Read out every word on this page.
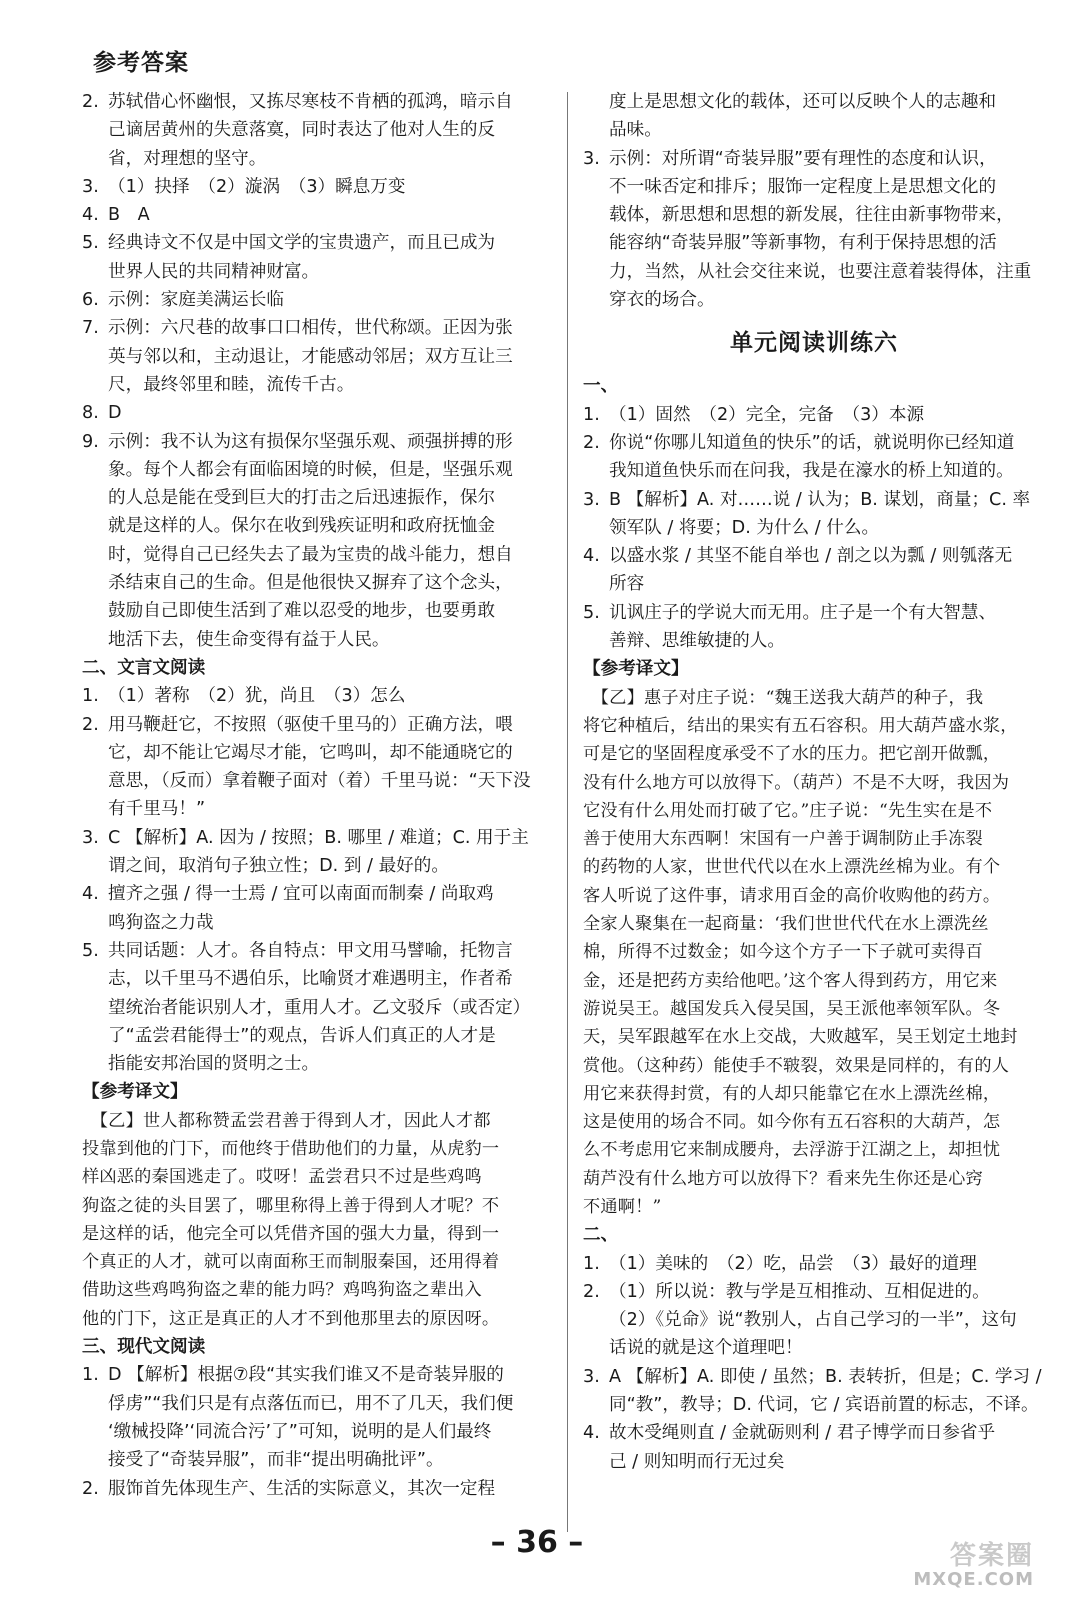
参考答案
2. 苏轼借心怀幽恨，又拣尽寒枝不肯栖的孤鸿，暗示自
己谪居黄州的失意落寞，同时表达了他对人生的反
省，对理想的坚守。
3. （1）抉择　（2）漩涡　（3）瞬息万变
4. B　A
5. 经典诗文不仅是中国文学的宝贵遗产，而且已成为
世界人民的共同精神财富。
6. 示例：家庭美满运长临
7. 示例：六尺巷的故事口口相传，世代称颂。正因为张
英与邻以和，主动退让，才能感动邻居；双方互让三
尺，最终邻里和睦，流传千古。
8. D
9. 示例：我不认为这有损保尔坚强乐观、顽强拼搏的形
象。每个人都会有面临困境的时候，但是，坚强乐观
的人总是能在受到巨大的打击之后迅速振作，保尔
就是这样的人。保尔在收到残疾证明和政府抚恤金
时，觉得自己已经失去了最为宝贵的战斗能力，想自
杀结束自己的生命。但是他很快又摒弃了这个念头，
鼓励自己即使生活到了难以忍受的地步，也要勇敢
地活下去，使生命变得有益于人民。
二、文言文阅读
1. （1）著称　（2）犹，尚且　（3）怎么
2. 用马鞭赶它，不按照（驱使千里马的）正确方法，喂
它，却不能让它竭尽才能，它鸣叫，却不能通晓它的
意思，（反而）拿着鞭子面对（着）千里马说：“天下没
有千里马！”
3. C 【解析】A. 因为 / 按照；B. 哪里 / 难道；C. 用于主
谓之间，取消句子独立性；D. 到 / 最好的。
4. 擅齐之强 / 得一士焉 / 宜可以南面而制秦 / 尚取鸡
鸣狗盗之力哉
5. 共同话题：人才。各自特点：甲文用马譬喻，托物言
志，以千里马不遇伯乐，比喻贤才难遇明主，作者希
望统治者能识别人才，重用人才。乙文驳斥（或否定）
了“孟尝君能得士”的观点，告诉人们真正的人才是
指能安邦治国的贤明之士。
【参考译文】
　【乙】世人都称赞孟尝君善于得到人才，因此人才都
投靠到他的门下，而他终于借助他们的力量，从虎豹一
样凶恶的秦国逃走了。哎呀！孟尝君只不过是些鸡鸣
狗盗之徒的头目罢了，哪里称得上善于得到人才呢？不
是这样的话，他完全可以凭借齐国的强大力量，得到一
个真正的人才，就可以南面称王而制服秦国，还用得着
借助这些鸡鸣狗盗之辈的能力吗？鸡鸣狗盗之辈出入
他的门下，这正是真正的人才不到他那里去的原因呀。
三、现代文阅读
1. D 【解析】根据⑦段“其实我们谁又不是奇装异服的
俘虏”“我们只是有点落伍而已，用不了几天，我们便
‘缴械投降’‘同流合污’了”可知，说明的是人们最终
接受了“奇装异服”，而非“提出明确批评”。
2. 服饰首先体现生产、生活的实际意义，其次一定程
度上是思想文化的载体，还可以反映个人的志趣和
品味。
3. 示例：对所谓“奇装异服”要有理性的态度和认识，
不一味否定和排斥；服饰一定程度上是思想文化的
载体，新思想和思想的新发展，往往由新事物带来，
能容纳“奇装异服”等新事物，有利于保持思想的活
力，当然，从社会交往来说，也要注意着装得体，注重
穿衣的场合。
单元阅读训练六
一、
1. （1）固然　（2）完全，完备　（3）本源
2. 你说“你哪儿知道鱼的快乐”的话，就说明你已经知道
我知道鱼快乐而在问我，我是在濠水的桥上知道的。
3. B 【解析】A. 对……说 / 认为；B. 谋划，商量；C. 率
领军队 / 将要；D. 为什么 / 什么。
4. 以盛水浆 / 其坚不能自举也 / 剖之以为瓢 / 则瓠落无
所容
5. 讥讽庄子的学说大而无用。庄子是一个有大智慧、
善辩、思维敏捷的人。
【参考译文】
　【乙】惠子对庄子说：“魏王送我大葫芦的种子，我
将它种植后，结出的果实有五石容积。用大葫芦盛水浆，
可是它的坚固程度承受不了水的压力。把它剖开做瓢，
没有什么地方可以放得下。（葫芦）不是不大呀，我因为
它没有什么用处而打破了它。”庄子说：“先生实在是不
善于使用大东西啊！宋国有一户善于调制防止手冻裂
的药物的人家，世世代代以在水上漂洗丝棉为业。有个
客人听说了这件事，请求用百金的高价收购他的药方。
全家人聚集在一起商量：‘我们世世代代在水上漂洗丝
棉，所得不过数金；如今这个方子一下子就可卖得百
金，还是把药方卖给他吧。’这个客人得到药方，用它来
游说吴王。越国发兵入侵吴国，吴王派他率领军队。冬
天，吴军跟越军在水上交战，大败越军，吴王划定土地封
赏他。（这种药）能使手不皲裂，效果是同样的，有的人
用它来获得封赏，有的人却只能靠它在水上漂洗丝棉，
这是使用的场合不同。如今你有五石容积的大葫芦，怎
么不考虑用它来制成腰舟，去浮游于江湖之上，却担忧
葫芦没有什么地方可以放得下？看来先生你还是心窍
不通啊！”
二、
1. （1）美味的　（2）吃，品尝　（3）最好的道理
2. （1）所以说：教与学是互相推动、互相促进的。
（2）《兑命》说“教别人，占自己学习的一半”，这句
话说的就是这个道理吧！
3. A 【解析】A. 即使 / 虽然；B. 表转折，但是；C. 学习 /
同“教”，教导；D. 代词，它 / 宾语前置的标志，不译。
4. 故木受绳则直 / 金就砺则利 / 君子博学而日参省乎
己 / 则知明而行无过矣
– 36 –	答案圈
MXQE.COM
